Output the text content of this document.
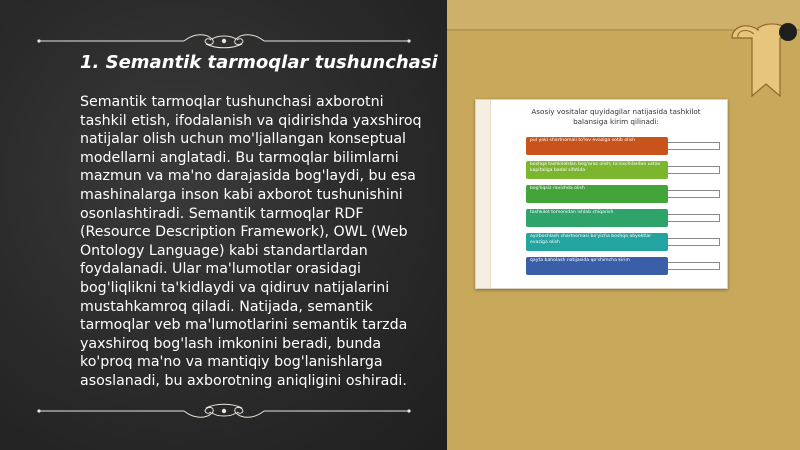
1. Semantik tarmoqlar tushunchasi
Semantik tarmoqlar tushunchasi axborotni tashkil etish, ifodalanish va qidirishda yaxshiroq natijalar olish uchun mo'ljallangan konseptual modellarni anglatadi. Bu tarmoqlar bilimlarni mazmun va ma'no darajasida bog'laydi, bu esa mashinalarga inson kabi axborot tushunishini osonlashtiradi. Semantik tarmoqlar RDF (Resource Description Framework), OWL (Web Ontology Language) kabi standartlardan foydalanadi. Ular ma'lumotlar orasidagi bog'liqlikni ta'kidlaydi va qidiruv natijalarini mustahkamroq qiladi. Natijada, semantik tarmoqlar veb ma'lumotlarini semantik tarzda yaxshiroq bog'lash imkonini beradi, bunda ko'proq ma'no va mantiqiy bog'lanishlarga asoslanadi, bu axborotning aniqligini oshiradi.
Asosiy vositalar quyidagilar natijasida tashkilot balansiga kirim qilinadi:
pul yoki shartnomali to'lov evaziga sotib olish
boshqa tashkilotdan beg'araz olish; ta'sischilardan ustav kapitaliga badal sifatida
bog'liqsiz ravishda olish
tashkilot tomonidan ishlab chiqarish
ayirboshlash shartnomasi bo'yicha boshqa obyektlar evaziga olish
qayta baholash natijasida qo'shimcha kirim
